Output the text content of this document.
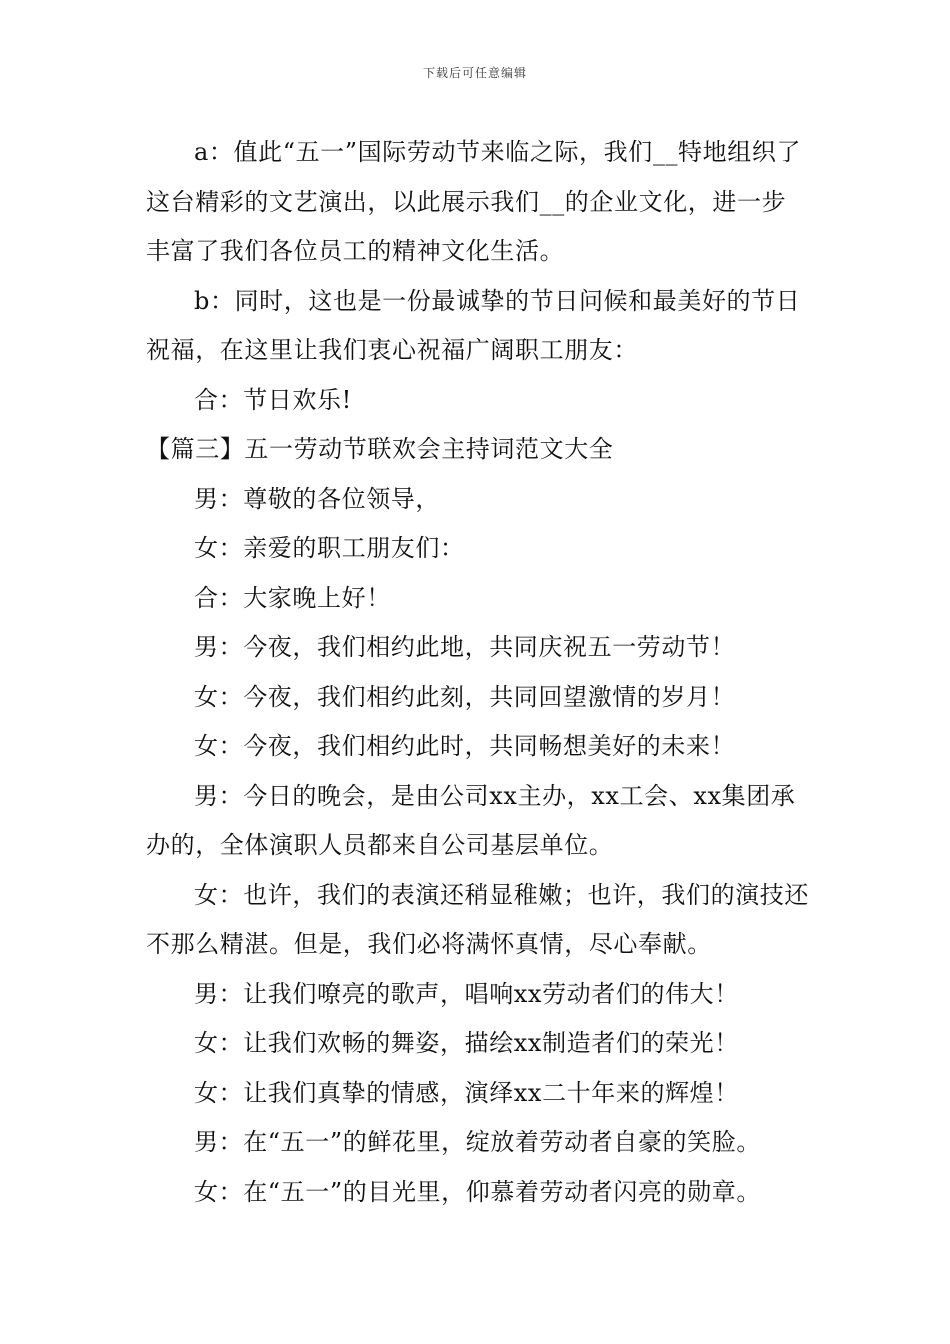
下载后可任意编辑

a：值此“五一”国际劳动节来临之际，我们__特地组织了这台精彩的文艺演出，以此展示我们__的企业文化，进一步丰富了我们各位员工的精神文化生活。

b：同时，这也是一份最诚挚的节日问候和最美好的节日祝福，在这里让我们衷心祝福广阔职工朋友：

合：节日欢乐!

【篇三】五一劳动节联欢会主持词范文大全

男：尊敬的各位领导，

女：亲爱的职工朋友们：

合：大家晚上好！

男：今夜，我们相约此地，共同庆祝五一劳动节！

女：今夜，我们相约此刻，共同回望激情的岁月！

女：今夜，我们相约此时，共同畅想美好的未来！

男：今日的晚会，是由公司xx主办，xx工会、xx集团承办的，全体演职人员都来自公司基层单位。

女：也许，我们的表演还稍显稚嫩；也许，我们的演技还不那么精湛。但是，我们必将满怀真情，尽心奉献。

男：让我们嘹亮的歌声，唱响xx劳动者们的伟大！

女：让我们欢畅的舞姿，描绘xx制造者们的荣光！

女：让我们真挚的情感，演绎xx二十年来的辉煌！

男：在“五一”的鲜花里，绽放着劳动者自豪的笑脸。

女：在“五一”的目光里，仰慕着劳动者闪亮的勋章。
